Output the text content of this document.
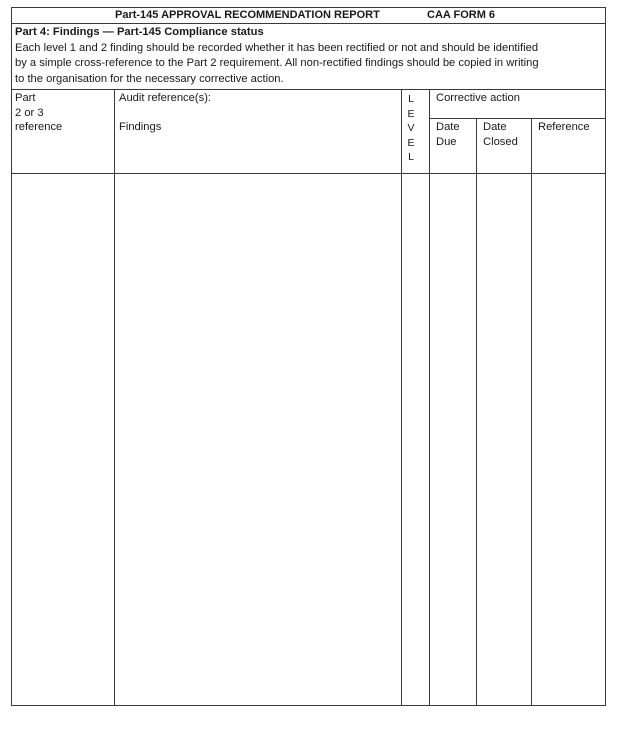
Part-145 APPROVAL RECOMMENDATION REPORT	CAA FORM 6
Part 4: Findings — Part-145 Compliance status
Each level 1 and 2 finding should be recorded whether it has been rectified or not and should be identified
by a simple cross-reference to the Part 2 requirement. All non-rectified findings should be copied in writing
to the organisation for the necessary corrective action.
Part
2 or 3
reference
Audit reference(s):
Findings
L
E
V
E
L
Corrective action
Date
Due
Date
Closed
Reference
